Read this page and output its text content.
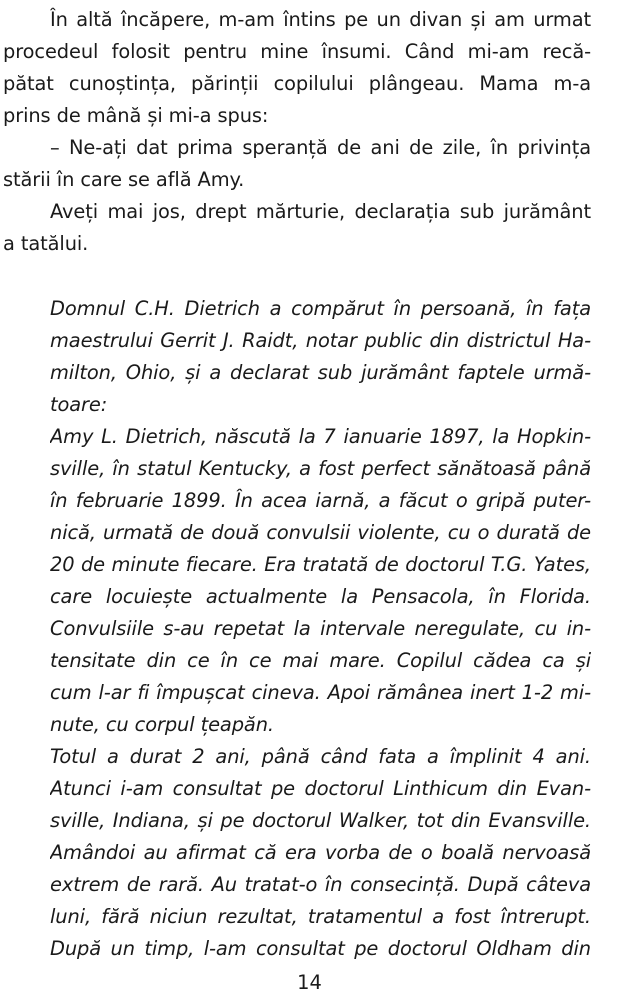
În altă încăpere, m-am întins pe un divan și am urmat
procedeul folosit pentru mine însumi. Când mi-am recă-
pătat cunoștința, părinții copilului plângeau. Mama m-a
prins de mână și mi-a spus:
– Ne-ați dat prima speranță de ani de zile, în privința
stării în care se află Amy.
Aveți mai jos, drept mărturie, declarația sub jurământ
a tatălui.
Domnul C.H. Dietrich a compărut în persoană, în fața
maestrului Gerrit J. Raidt, notar public din districtul Ha-
milton, Ohio, și a declarat sub jurământ faptele urmă-
toare:
Amy L. Dietrich, născută la 7 ianuarie 1897, la Hopkin-
sville, în statul Kentucky, a fost perfect sănătoasă până
în februarie 1899. În acea iarnă, a făcut o gripă puter-
nică, urmată de două convulsii violente, cu o durată de
20 de minute fiecare. Era tratată de doctorul T.G. Yates,
care locuiește actualmente la Pensacola, în Florida.
Convulsiile s-au repetat la intervale neregulate, cu in-
tensitate din ce în ce mai mare. Copilul cădea ca și
cum l-ar fi împușcat cineva. Apoi rămânea inert 1-2 mi-
nute, cu corpul țeapăn.
Totul a durat 2 ani, până când fata a împlinit 4 ani.
Atunci i-am consultat pe doctorul Linthicum din Evan-
sville, Indiana, și pe doctorul Walker, tot din Evansville.
Amândoi au afirmat că era vorba de o boală nervoasă
extrem de rară. Au tratat-o în consecință. După câteva
luni, fără niciun rezultat, tratamentul a fost întrerupt.
După un timp, l-am consultat pe doctorul Oldham din
14
